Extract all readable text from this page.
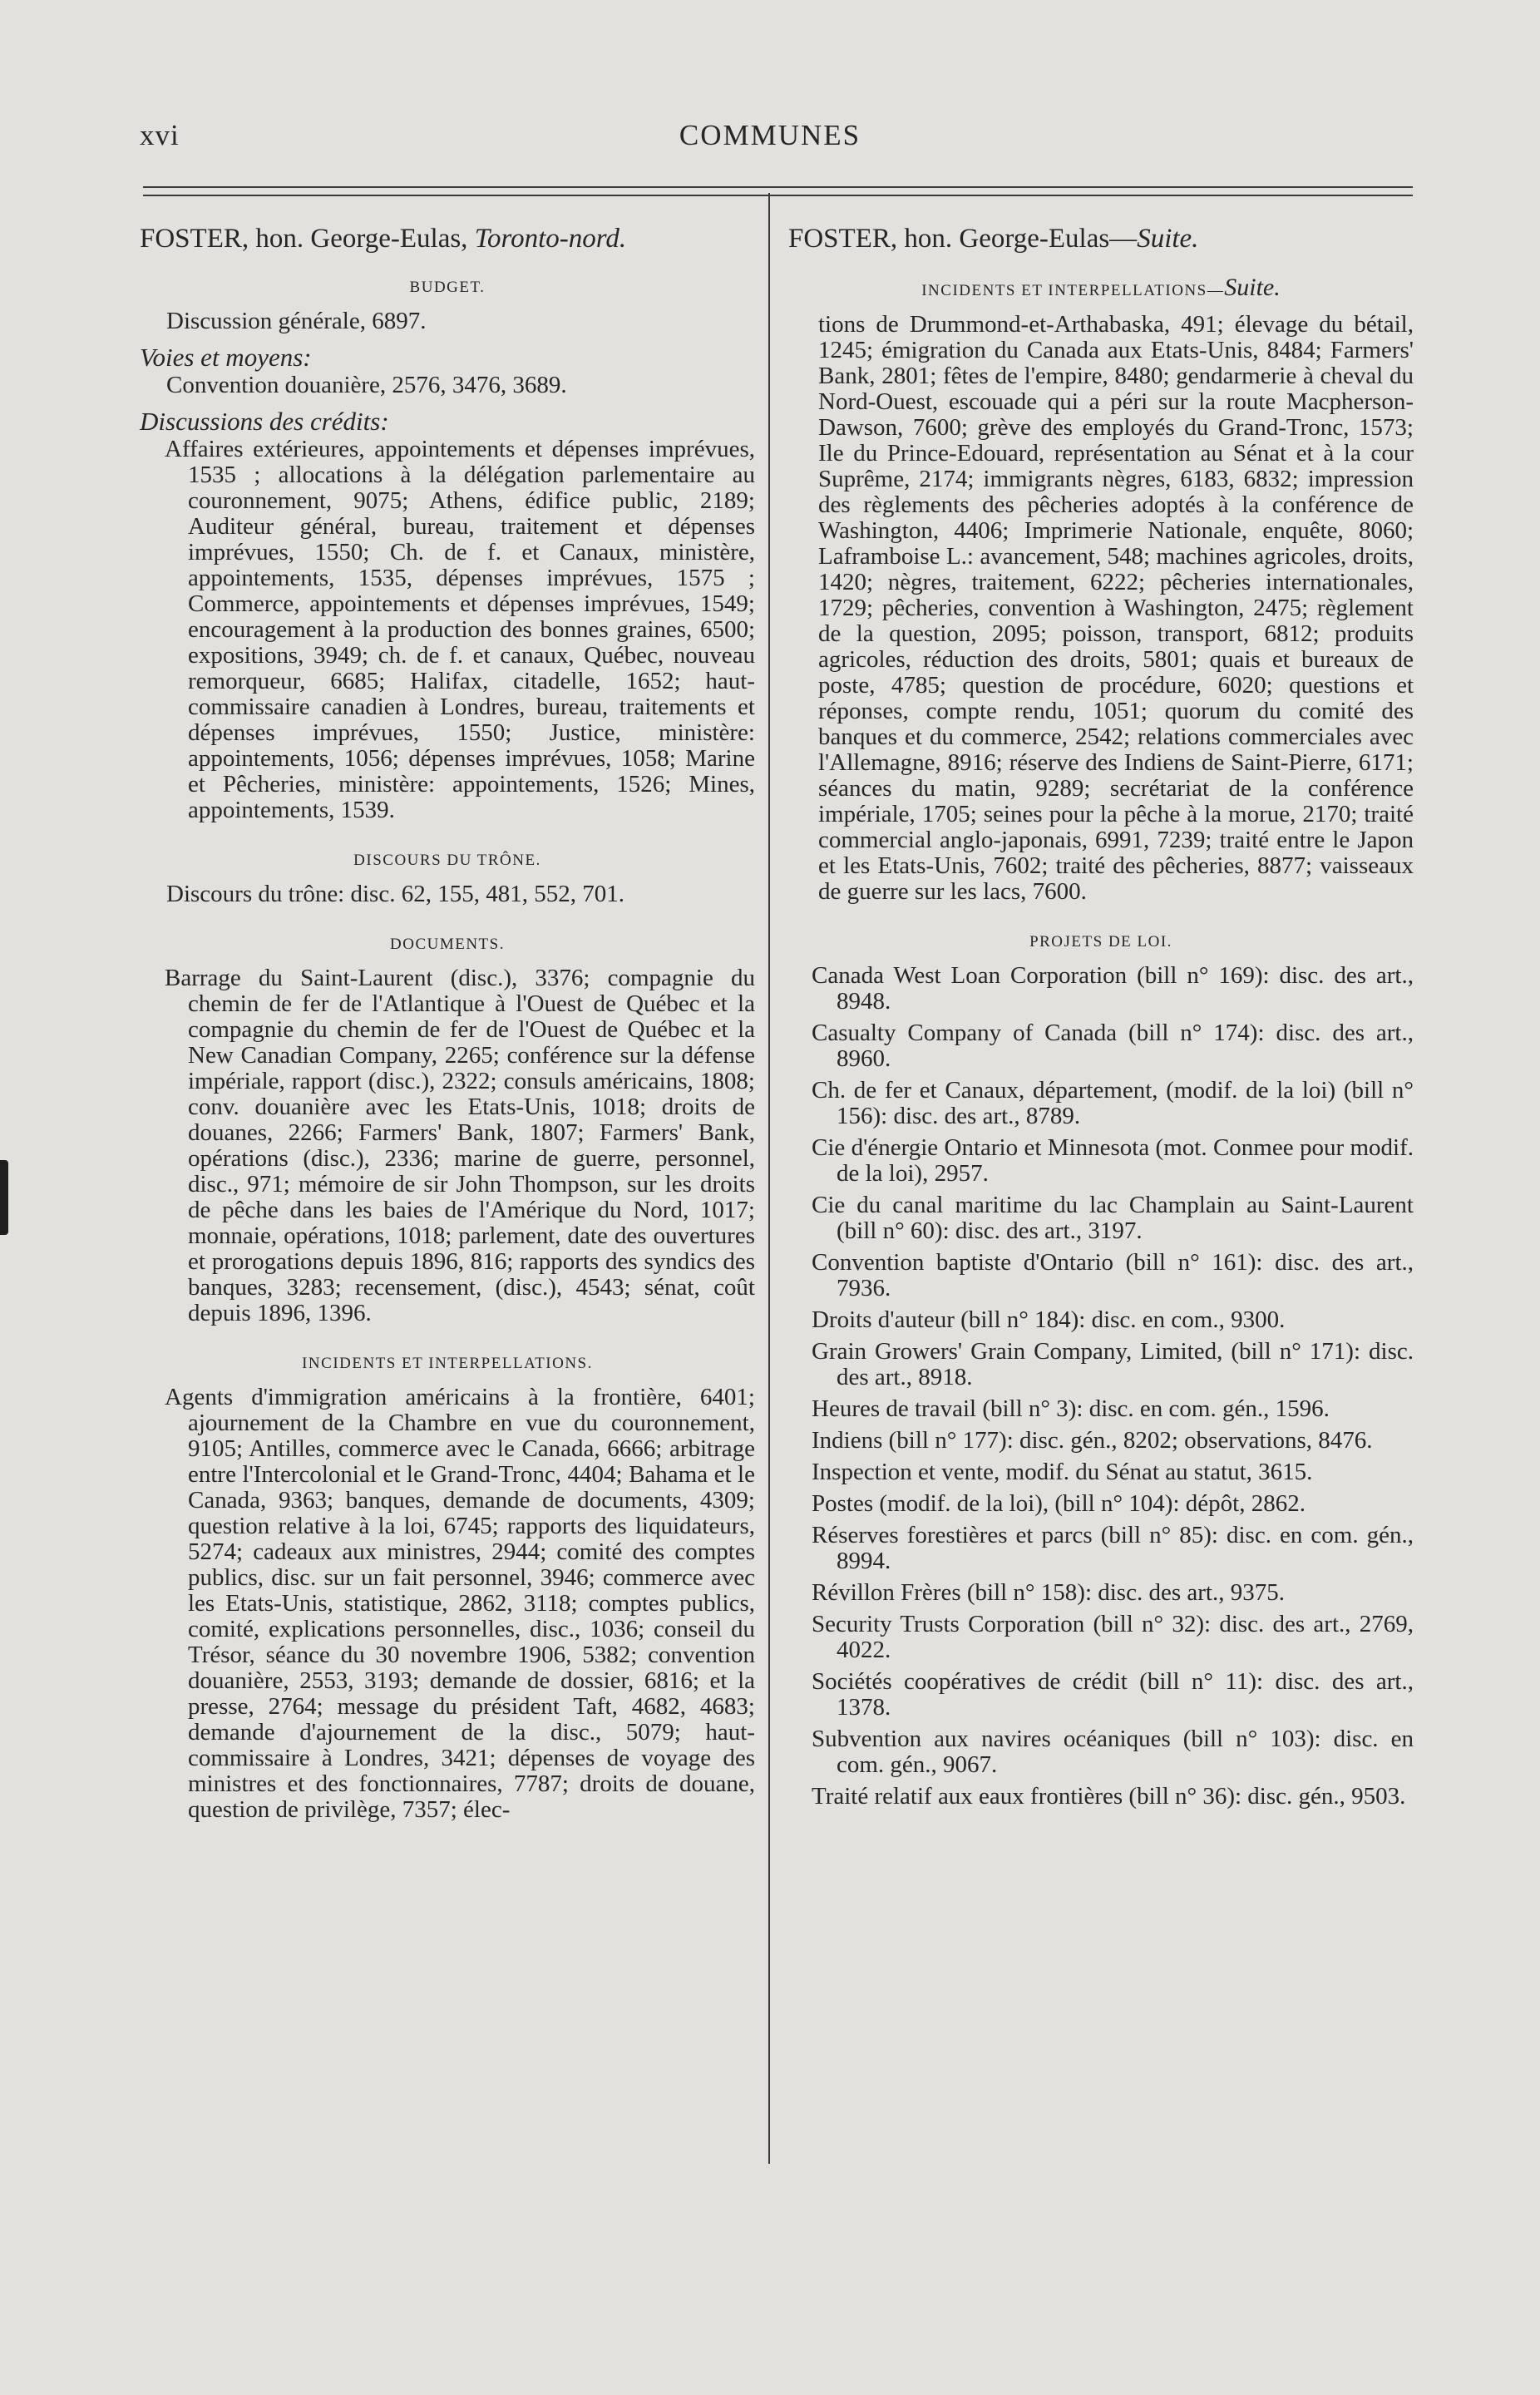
xvi	COMMUNES

FOSTER, hon. George-Eulas, Toronto-nord.

BUDGET.

Discussion générale, 6897.

Voies et moyens:

Convention douanière, 2576, 3476, 3689.

Discussions des crédits:

Affaires extérieures, appointements et dépenses imprévues, 1535 ; allocations à la délégation parlementaire au couronnement, 9075; Athens, édifice public, 2189; Auditeur général, bureau, traitement et dépenses imprévues, 1550; Ch. de f. et Canaux, ministère, appointements, 1535, dépenses imprévues, 1575 ; Commerce, appointements et dépenses imprévues, 1549; encouragement à la production des bonnes graines, 6500; expositions, 3949; ch. de f. et canaux, Québec, nouveau remorqueur, 6685; Halifax, citadelle, 1652; haut-commissaire canadien à Londres, bureau, traitements et dépenses imprévues, 1550; Justice, ministère: appointements, 1056; dépenses imprévues, 1058; Marine et Pêcheries, ministère: appointements, 1526; Mines, appointements, 1539.

DISCOURS DU TRÔNE.

Discours du trône: disc. 62, 155, 481, 552, 701.

DOCUMENTS.

Barrage du Saint-Laurent (disc.), 3376; compagnie du chemin de fer de l'Atlantique à l'Ouest de Québec et la compagnie du chemin de fer de l'Ouest de Québec et la New Canadian Company, 2265; conférence sur la défense impériale, rapport (disc.), 2322; consuls américains, 1808; conv. douanière avec les Etats-Unis, 1018; droits de douanes, 2266; Farmers' Bank, 1807; Farmers' Bank, opérations (disc.), 2336; marine de guerre, personnel, disc., 971; mémoire de sir John Thompson, sur les droits de pêche dans les baies de l'Amérique du Nord, 1017; monnaie, opérations, 1018; parlement, date des ouvertures et prorogations depuis 1896, 816; rapports des syndics des banques, 3283; recensement, (disc.), 4543; sénat, coût depuis 1896, 1396.

INCIDENTS ET INTERPELLATIONS.

Agents d'immigration américains à la frontière, 6401; ajournement de la Chambre en vue du couronnement, 9105; Antilles, commerce avec le Canada, 6666; arbitrage entre l'Intercolonial et le Grand-Tronc, 4404; Bahama et le Canada, 9363; banques, demande de documents, 4309; question relative à la loi, 6745; rapports des liquidateurs, 5274; cadeaux aux ministres, 2944; comité des comptes publics, disc. sur un fait personnel, 3946; commerce avec les Etats-Unis, statistique, 2862, 3118; comptes publics, comité, explications personnelles, disc., 1036; conseil du Trésor, séance du 30 novembre 1906, 5382; convention douanière, 2553, 3193; demande de dossier, 6816; et la presse, 2764; message du président Taft, 4682, 4683; demande d'ajournement de la disc., 5079; haut-commissaire à Londres, 3421; dépenses de voyage des ministres et des fonctionnaires, 7787; droits de douane, question de privilège, 7357; élec-

FOSTER, hon. George-Eulas—Suite.

INCIDENTS ET INTERPELLATIONS—Suite.

tions de Drummond-et-Arthabaska, 491; élevage du bétail, 1245; émigration du Canada aux Etats-Unis, 8484; Farmers' Bank, 2801; fêtes de l'empire, 8480; gendarmerie à cheval du Nord-Ouest, escouade qui a péri sur la route Macpherson-Dawson, 7600; grève des employés du Grand-Tronc, 1573; Ile du Prince-Edouard, représentation au Sénat et à la cour Suprême, 2174; immigrants nègres, 6183, 6832; impression des règlements des pêcheries adoptés à la conférence de Washington, 4406; Imprimerie Nationale, enquête, 8060; Laframboise L.: avancement, 548; machines agricoles, droits, 1420; nègres, traitement, 6222; pêcheries internationales, 1729; pêcheries, convention à Washington, 2475; règlement de la question, 2095; poisson, transport, 6812; produits agricoles, réduction des droits, 5801; quais et bureaux de poste, 4785; question de procédure, 6020; questions et réponses, compte rendu, 1051; quorum du comité des banques et du commerce, 2542; relations commerciales avec l'Allemagne, 8916; réserve des Indiens de Saint-Pierre, 6171; séances du matin, 9289; secrétariat de la conférence impériale, 1705; seines pour la pêche à la morue, 2170; traité commercial anglo-japonais, 6991, 7239; traité entre le Japon et les Etats-Unis, 7602; traité des pêcheries, 8877; vaisseaux de guerre sur les lacs, 7600.

PROJETS DE LOI.

Canada West Loan Corporation (bill n° 169): disc. des art., 8948.

Casualty Company of Canada (bill n° 174): disc. des art., 8960.

Ch. de fer et Canaux, département, (modif. de la loi) (bill n° 156): disc. des art., 8789.

Cie d'énergie Ontario et Minnesota (mot. Conmee pour modif. de la loi), 2957.

Cie du canal maritime du lac Champlain au Saint-Laurent (bill n° 60): disc. des art., 3197.

Convention baptiste d'Ontario (bill n° 161): disc. des art., 7936.

Droits d'auteur (bill n° 184): disc. en com., 9300.

Grain Growers' Grain Company, Limited, (bill n° 171): disc. des art., 8918.

Heures de travail (bill n° 3): disc. en com. gén., 1596.

Indiens (bill n° 177): disc. gén., 8202; observations, 8476.

Inspection et vente, modif. du Sénat au statut, 3615.

Postes (modif. de la loi), (bill n° 104): dépôt, 2862.

Réserves forestières et parcs (bill n° 85): disc. en com. gén., 8994.

Révillon Frères (bill n° 158): disc. des art., 9375.

Security Trusts Corporation (bill n° 32): disc. des art., 2769, 4022.

Sociétés coopératives de crédit (bill n° 11): disc. des art., 1378.

Subvention aux navires océaniques (bill n° 103): disc. en com. gén., 9067.

Traité relatif aux eaux frontières (bill n° 36): disc. gén., 9503.
